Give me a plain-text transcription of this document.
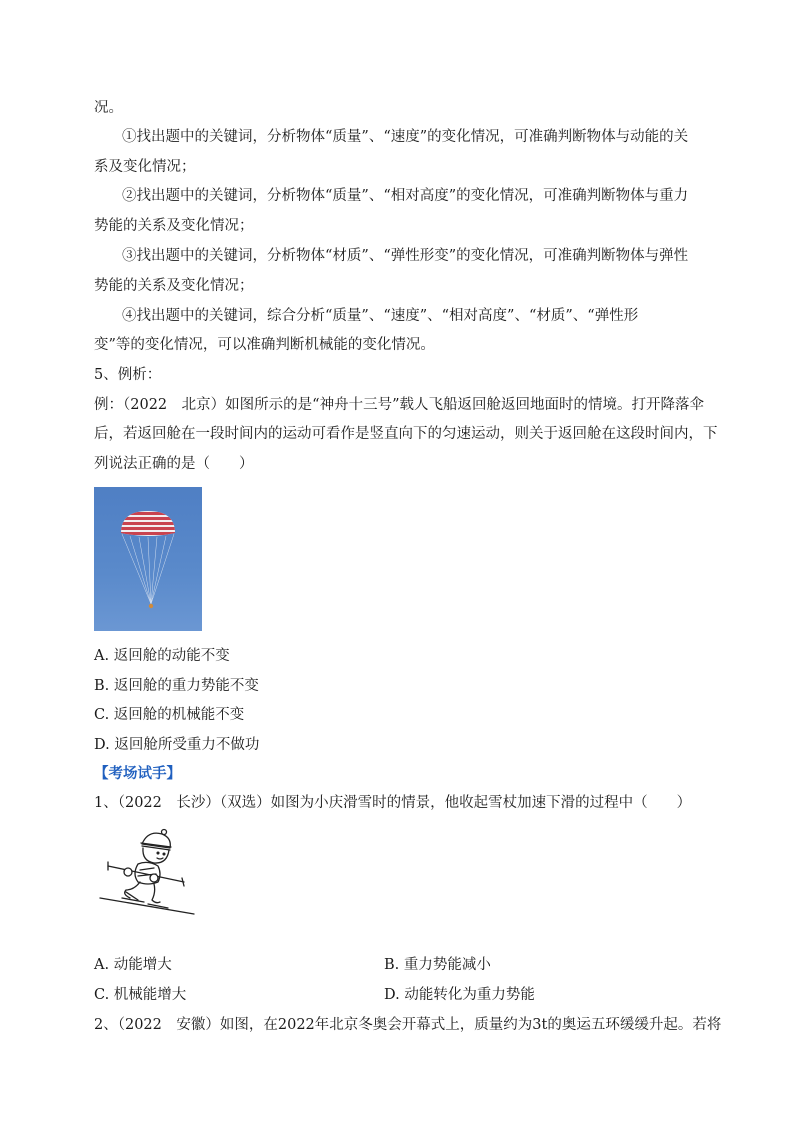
况。
①找出题中的关键词，分析物体“质量”、“速度”的变化情况，可准确判断物体与动能的关
系及变化情况；
②找出题中的关键词，分析物体“质量”、“相对高度”的变化情况，可准确判断物体与重力
势能的关系及变化情况；
③找出题中的关键词，分析物体“材质”、“弹性形变”的变化情况，可准确判断物体与弹性
势能的关系及变化情况；
④找出题中的关键词，综合分析“质量”、“速度”、“相对高度”、“材质”、“弹性形
变”等的变化情况，可以准确判断机械能的变化情况。
5、例析：
例：（2022　北京）如图所示的是“神舟十三号”载人飞船返回舱返回地面时的情境。打开降落伞
后，若返回舱在一段时间内的运动可看作是竖直向下的匀速运动，则关于返回舱在这段时间内，下
列说法正确的是（　　）
A. 返回舱的动能不变
B. 返回舱的重力势能不变
C. 返回舱的机械能不变
D. 返回舱所受重力不做功
【考场试手】
1、（2022　长沙）（双选）如图为小庆滑雪时的情景，他收起雪杖加速下滑的过程中（　　）
A. 动能增大	B. 重力势能减小
C. 机械能增大	D. 动能转化为重力势能
2、（2022　安徽）如图，在2022年北京冬奥会开幕式上，质量约为3t的奥运五环缓缓升起。若将
